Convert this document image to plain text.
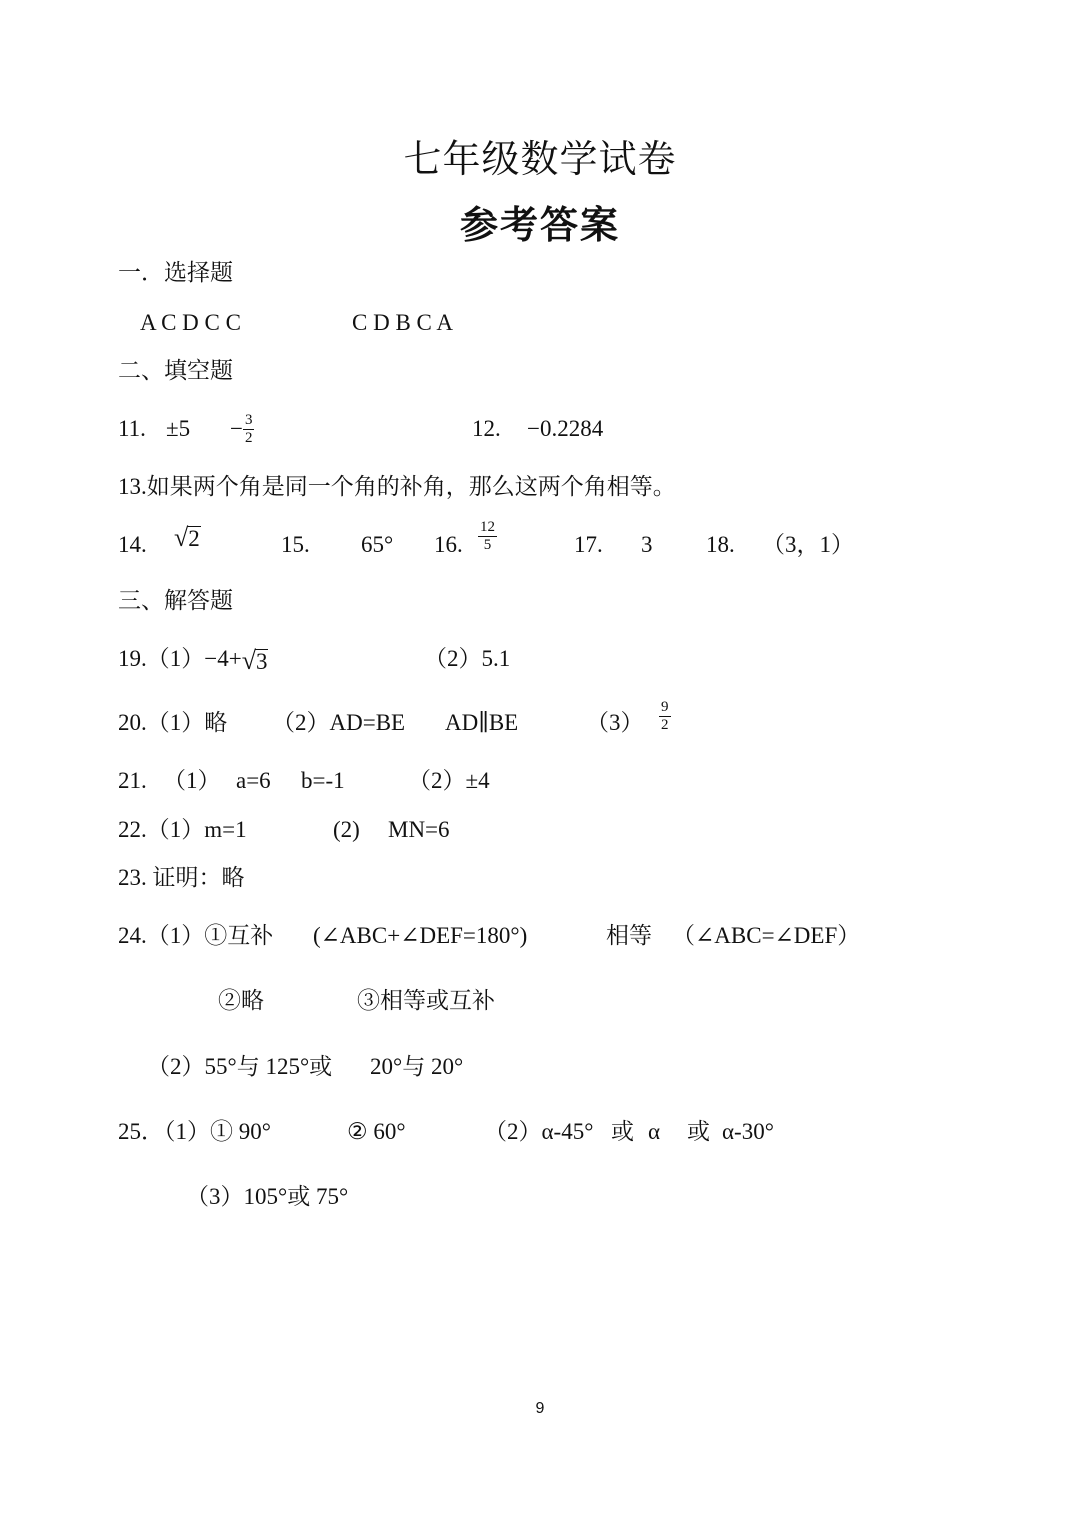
七年级数学试卷
参考答案
一．选择题
A C D C C	C D B C A
二、填空题
11. $\pm 5 - \frac{3}{2}$	12. −0.2284
13.如果两个角是同一个角的补角，那么这两个角相等。
14. √ 2	15. 65° 16. $\frac{12}{5}$	17. 3 18. （3，1）
三、解答题
19.（1）−4+ √ 3	（2）5.1
20.（1）略 （2）AD=BE AD∥BE	$(3) \frac{9}{2}$
21. （1） a=6 b=-1	（2）±4
22.（1）m=1	(2) MN=6
23. 证明：略
24.（1）①互补 (∠ABC+∠DEF=180°)	相等 （∠ABC=∠DEF）
②略	③相等或互补
（2）55°与 125°或 20°与 20°
25．（1）① 90°	② 60°	（2）α-45° 或 α 或 α-30°
（3）105°或 75°
9
